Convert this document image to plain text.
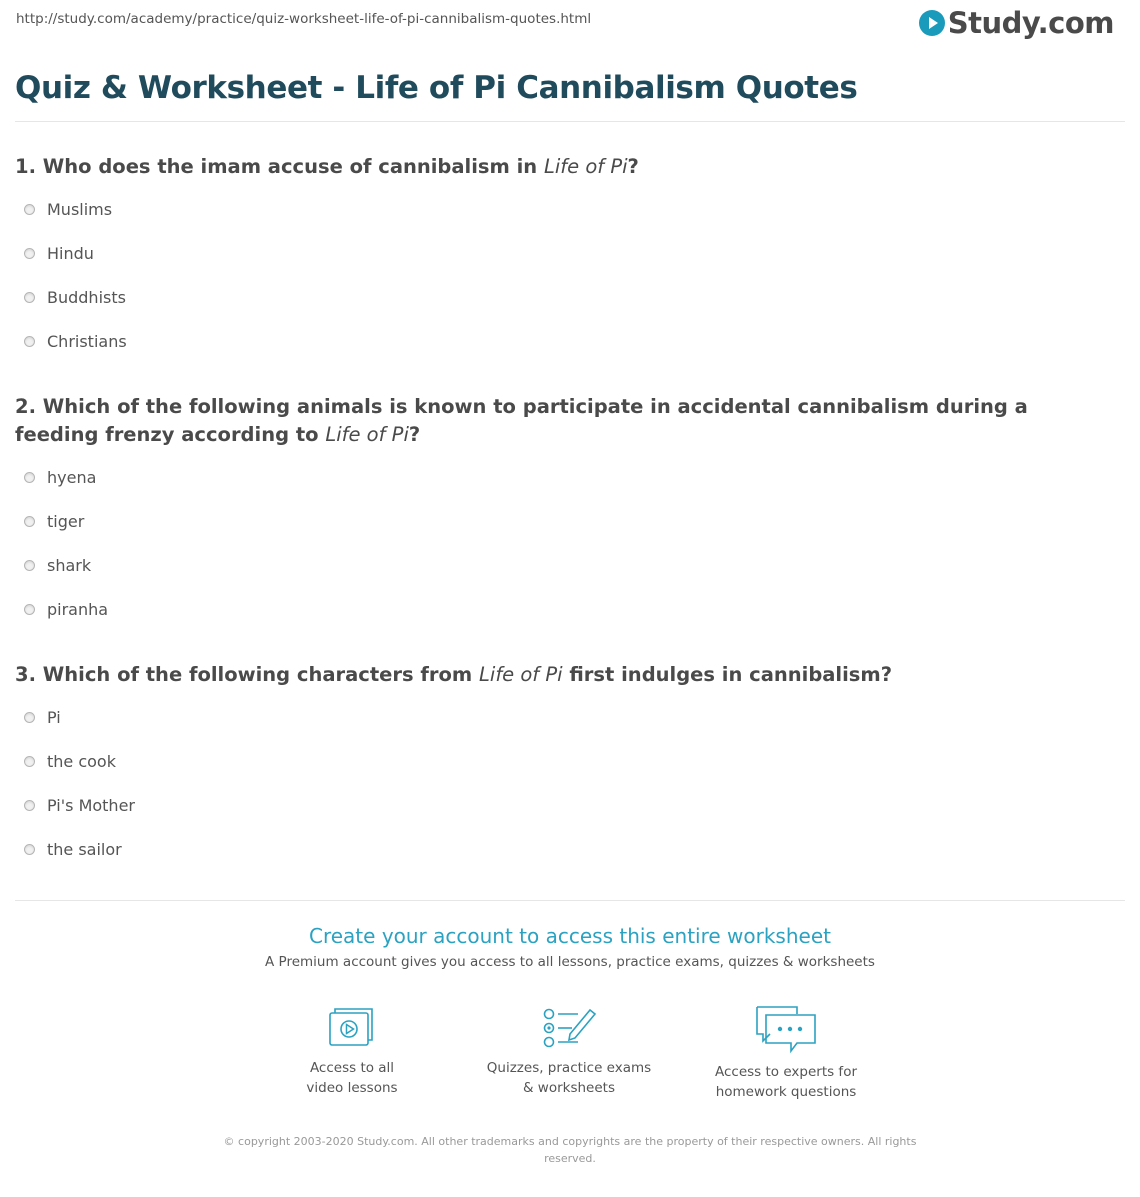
http://study.com/academy/practice/quiz-worksheet-life-of-pi-cannibalism-quotes.html	Study.com
Quiz & Worksheet - Life of Pi Cannibalism Quotes
1. Who does the imam accuse of cannibalism in Life of Pi?
Muslims
Hindu
Buddhists
Christians
2. Which of the following animals is known to participate in accidental cannibalism during a feeding frenzy according to Life of Pi?
hyena
tiger
shark
piranha
3. Which of the following characters from Life of Pi first indulges in cannibalism?
Pi
the cook
Pi's Mother
the sailor
Create your account to access this entire worksheet
A Premium account gives you access to all lessons, practice exams, quizzes & worksheets
Access to all
video lessons
Quizzes, practice exams
& worksheets
Access to experts for
homework questions
© copyright 2003-2020 Study.com. All other trademarks and copyrights are the property of their respective owners. All rights
reserved.
